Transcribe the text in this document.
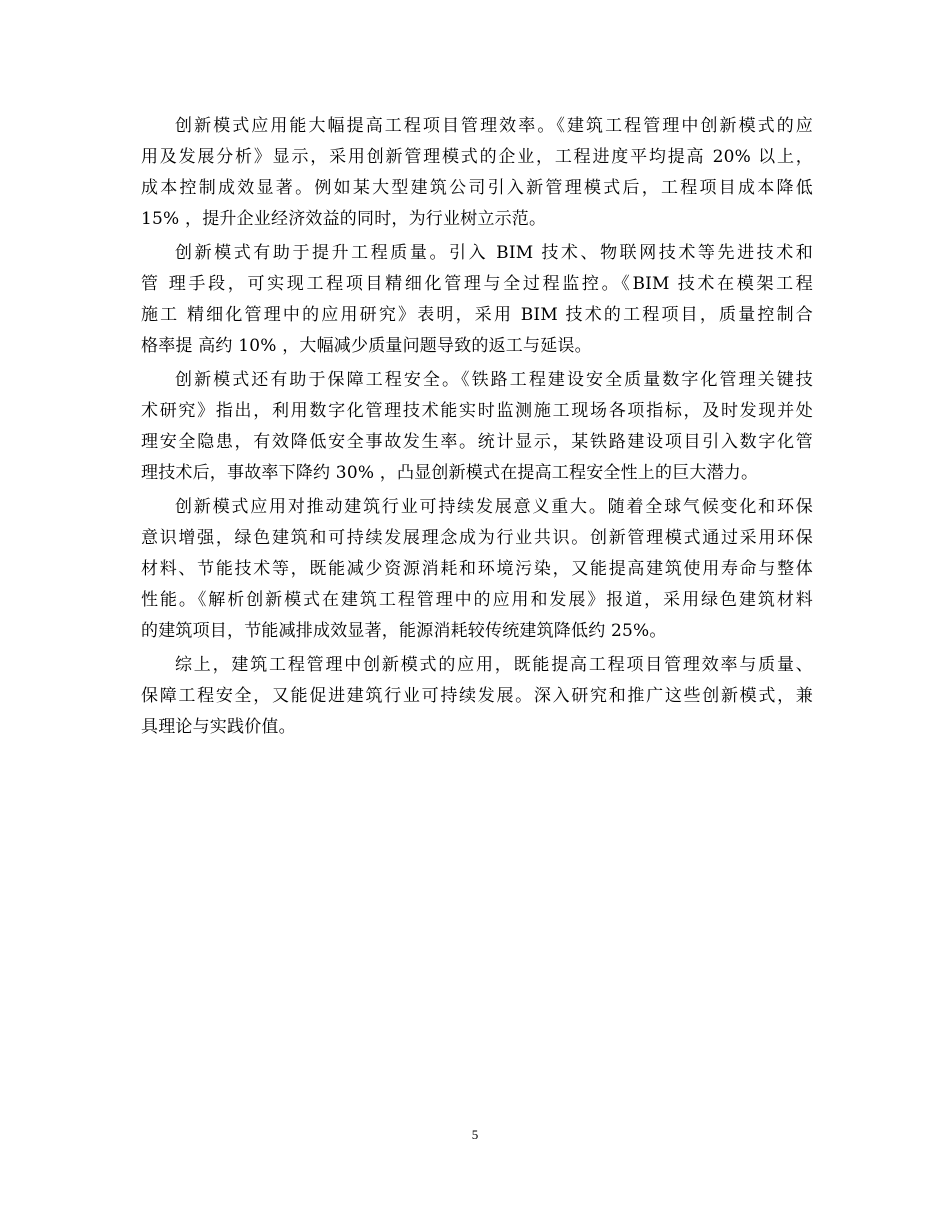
创新模式应用能大幅提高工程项目管理效率。《建筑工程管理中创新模式的应

用及发展分析》显示，采用创新管理模式的企业，工程进度平均提高 20% 以上，

成本控制成效显著。例如某大型建筑公司引入新管理模式后，工程项目成本降低

15% ，提升企业经济效益的同时，为行业树立示范。

创新模式有助于提升工程质量。引入 BIM 技术、物联网技术等先进技术和

管 理手段，可实现工程项目精细化管理与全过程监控。《BIM 技术在模架工程

施工 精细化管理中的应用研究》表明，采用 BIM 技术的工程项目，质量控制合

格率提 高约 10% ，大幅减少质量问题导致的返工与延误。

创新模式还有助于保障工程安全。《铁路工程建设安全质量数字化管理关键技

术研究》指出，利用数字化管理技术能实时监测施工现场各项指标，及时发现并处

理安全隐患，有效降低安全事故发生率。统计显示，某铁路建设项目引入数字化管

理技术后，事故率下降约 30% ，凸显创新模式在提高工程安全性上的巨大潜力。

创新模式应用对推动建筑行业可持续发展意义重大。随着全球气候变化和环保

意识增强，绿色建筑和可持续发展理念成为行业共识。创新管理模式通过采用环保

材料、节能技术等，既能减少资源消耗和环境污染，又能提高建筑使用寿命与整体

性能。《解析创新模式在建筑工程管理中的应用和发展》报道，采用绿色建筑材料

的建筑项目，节能减排成效显著，能源消耗较传统建筑降低约 25%。

综上，建筑工程管理中创新模式的应用，既能提高工程项目管理效率与质量、

保障工程安全，又能促进建筑行业可持续发展。深入研究和推广这些创新模式，兼

具理论与实践价值。

5
